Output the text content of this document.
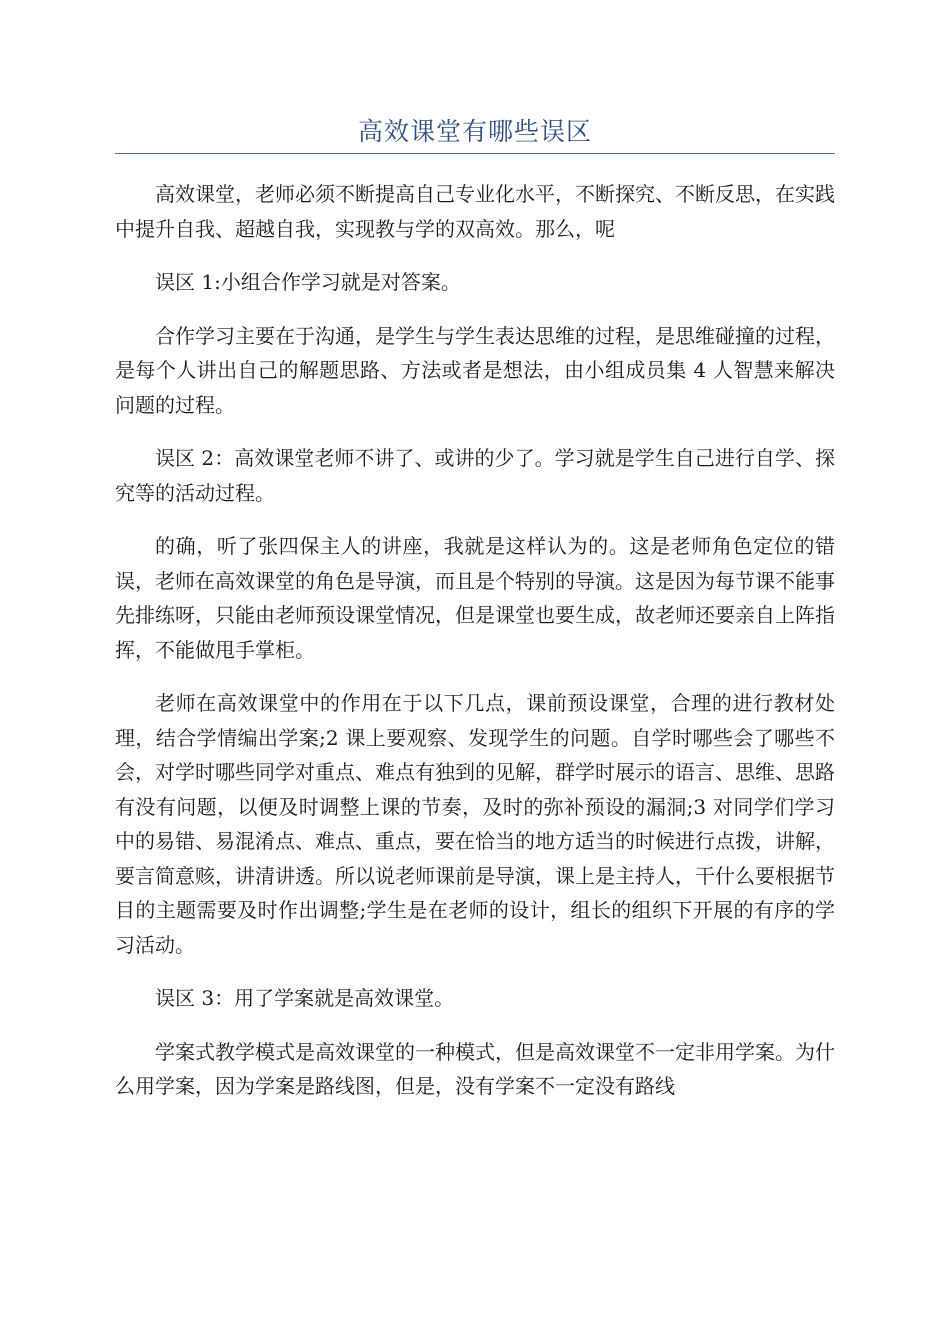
高效课堂有哪些误区

高效课堂，老师必须不断提高自己专业化水平，不断探究、不断反思，在实践中提升自我、超越自我，实现教与学的双高效。那么，呢

误区 1:小组合作学习就是对答案。

合作学习主要在于沟通，是学生与学生表达思维的过程，是思维碰撞的过程，是每个人讲出自己的解题思路、方法或者是想法，由小组成员集 4 人智慧来解决问题的过程。

误区 2：高效课堂老师不讲了、或讲的少了。学习就是学生自己进行自学、探究等的活动过程。

的确，听了张四保主人的讲座，我就是这样认为的。这是老师角色定位的错误，老师在高效课堂的角色是导演，而且是个特别的导演。这是因为每节课不能事先排练呀，只能由老师预设课堂情况，但是课堂也要生成，故老师还要亲自上阵指挥，不能做甩手掌柜。

老师在高效课堂中的作用在于以下几点，课前预设课堂，合理的进行教材处理，结合学情编出学案;2 课上要观察、发现学生的问题。自学时哪些会了哪些不会，对学时哪些同学对重点、难点有独到的见解，群学时展示的语言、思维、思路有没有问题，以便及时调整上课的节奏，及时的弥补预设的漏洞;3 对同学们学习中的易错、易混淆点、难点、重点，要在恰当的地方适当的时候进行点拨，讲解，要言简意赅，讲清讲透。所以说老师课前是导演，课上是主持人，干什么要根据节目的主题需要及时作出调整;学生是在老师的设计，组长的组织下开展的有序的学习活动。

误区 3：用了学案就是高效课堂。

学案式教学模式是高效课堂的一种模式，但是高效课堂不一定非用学案。为什么用学案，因为学案是路线图，但是，没有学案不一定没有路线
